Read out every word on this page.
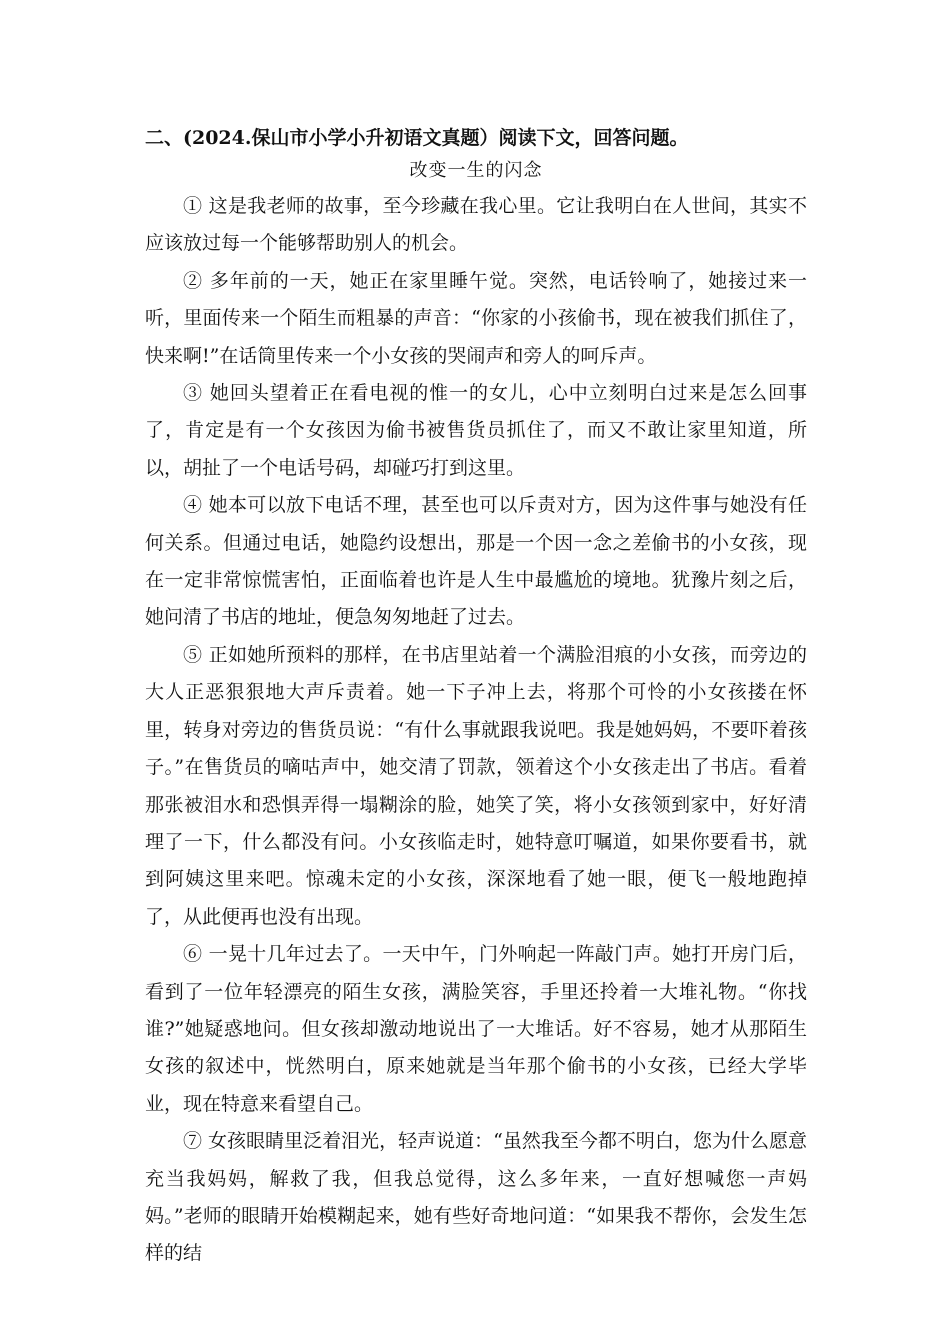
二、(2024.保山市小学小升初语文真题）阅读下文，回答问题。
改变一生的闪念

① 这是我老师的故事，至今珍藏在我心里。它让我明白在人世间，其实不应该放过每一个能够帮助别人的机会。

② 多年前的一天，她正在家里睡午觉。突然，电话铃响了，她接过来一听，里面传来一个陌生而粗暴的声音：“你家的小孩偷书，现在被我们抓住了，快来啊!”在话筒里传来一个小女孩的哭闹声和旁人的呵斥声。

③ 她回头望着正在看电视的惟一的女儿，心中立刻明白过来是怎么回事了，肯定是有一个女孩因为偷书被售货员抓住了，而又不敢让家里知道，所以，胡扯了一个电话号码，却碰巧打到这里。

④ 她本可以放下电话不理，甚至也可以斥责对方，因为这件事与她没有任何关系。但通过电话，她隐约设想出，那是一个因一念之差偷书的小女孩，现在一定非常惊慌害怕，正面临着也许是人生中最尴尬的境地。犹豫片刻之后，她问清了书店的地址，便急匆匆地赶了过去。

⑤ 正如她所预料的那样，在书店里站着一个满脸泪痕的小女孩，而旁边的大人正恶狠狠地大声斥责着。她一下子冲上去，将那个可怜的小女孩搂在怀里，转身对旁边的售货员说：“有什么事就跟我说吧。我是她妈妈，不要吓着孩子。”在售货员的嘀咕声中，她交清了罚款，领着这个小女孩走出了书店。看着那张被泪水和恐惧弄得一塌糊涂的脸，她笑了笑，将小女孩领到家中，好好清理了一下，什么都没有问。小女孩临走时，她特意叮嘱道，如果你要看书，就到阿姨这里来吧。惊魂未定的小女孩，深深地看了她一眼，便飞一般地跑掉了，从此便再也没有出现。

⑥ 一晃十几年过去了。一天中午，门外响起一阵敲门声。她打开房门后，看到了一位年轻漂亮的陌生女孩，满脸笑容，手里还拎着一大堆礼物。“你找谁?”她疑惑地问。但女孩却激动地说出了一大堆话。好不容易，她才从那陌生女孩的叙述中，恍然明白，原来她就是当年那个偷书的小女孩，已经大学毕业，现在特意来看望自己。

⑦ 女孩眼睛里泛着泪光，轻声说道：“虽然我至今都不明白，您为什么愿意充当我妈妈，解救了我，但我总觉得，这么多年来，一直好想喊您一声妈妈。”老师的眼睛开始模糊起来，她有些好奇地问道：“如果我不帮你，会发生怎样的结
